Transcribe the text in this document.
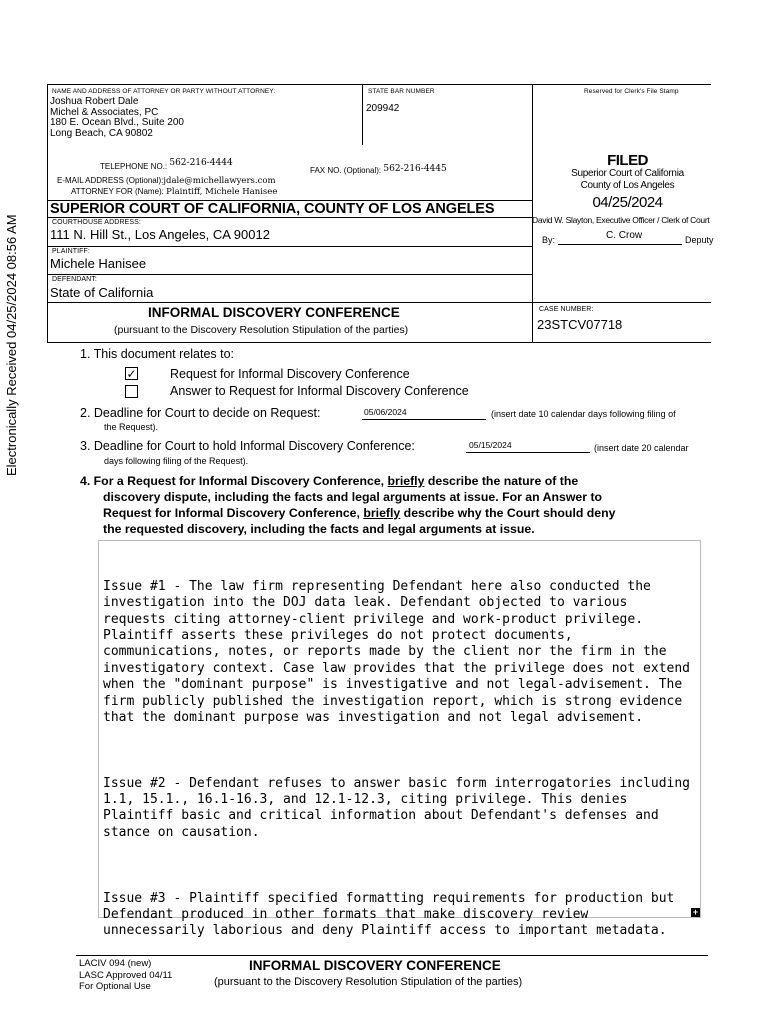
Electronically Received 04/25/2024 08:56 AM
NAME AND ADDRESS OF ATTORNEY OR PARTY WITHOUT ATTORNEY:
Joshua Robert Dale
Michel & Associates, PC
180 E. Ocean Blvd., Suite 200
Long Beach, CA 90802
STATE BAR NUMBER
209942
TELEPHONE NO.: 562-216-4444
FAX NO. (Optional): 562-216-4445
E-MAIL ADDRESS (Optional):jdale@michellawyers.com
ATTORNEY FOR (Name): Plaintiff, Michele Hanisee
Reserved for Clerk's File Stamp
FILED
Superior Court of California
County of Los Angeles
04/25/2024
David W. Slayton, Executive Officer / Clerk of Court
By:	C. Crow	Deputy
SUPERIOR COURT OF CALIFORNIA, COUNTY OF LOS ANGELES
COURTHOUSE ADDRESS:
111 N. Hill St., Los Angeles, CA 90012
PLAINTIFF:
Michele Hanisee
DEFENDANT:
State of California
INFORMAL DISCOVERY CONFERENCE
(pursuant to the Discovery Resolution Stipulation of the parties)
CASE NUMBER:
23STCV07718
1. This document relates to:
✓	Request for Informal Discovery Conference
Answer to Request for Informal Discovery Conference
2. Deadline for Court to decide on Request:	05/06/2024	(insert date 10 calendar days following filing of
the Request).
3. Deadline for Court to hold Informal Discovery Conference:	05/15/2024	(insert date 20 calendar
days following filing of the Request).
4. For a Request for Informal Discovery Conference, briefly describe the nature of the
discovery dispute, including the facts and legal arguments at issue. For an Answer to
Request for Informal Discovery Conference, briefly describe why the Court should deny
the requested discovery, including the facts and legal arguments at issue.

Issue #1 - The law firm representing Defendant here also conducted the investigation into the DOJ data leak. Defendant objected to various requests citing attorney-client privilege and work-product privilege. Plaintiff asserts these privileges do not protect documents, communications, notes, or reports made by the client nor the firm in the investigatory context. Case law provides that the privilege does not extend when the "dominant purpose" is investigative and not legal-advisement. The firm publicly published the investigation report, which is strong evidence that the dominant purpose was investigation and not legal advisement.

Issue #2 - Defendant refuses to answer basic form interrogatories including 1.1, 15.1., 16.1-16.3, and 12.1-12.3, citing privilege. This denies Plaintiff basic and critical information about Defendant's defenses and stance on causation.

Issue #3 - Plaintiff specified formatting requirements for production but Defendant produced in other formats that make discovery review unnecessarily laborious and deny Plaintiff access to important metadata.

+
LACIV 094 (new)
LASC Approved 04/11
For Optional Use
INFORMAL DISCOVERY CONFERENCE
(pursuant to the Discovery Resolution Stipulation of the parties)
